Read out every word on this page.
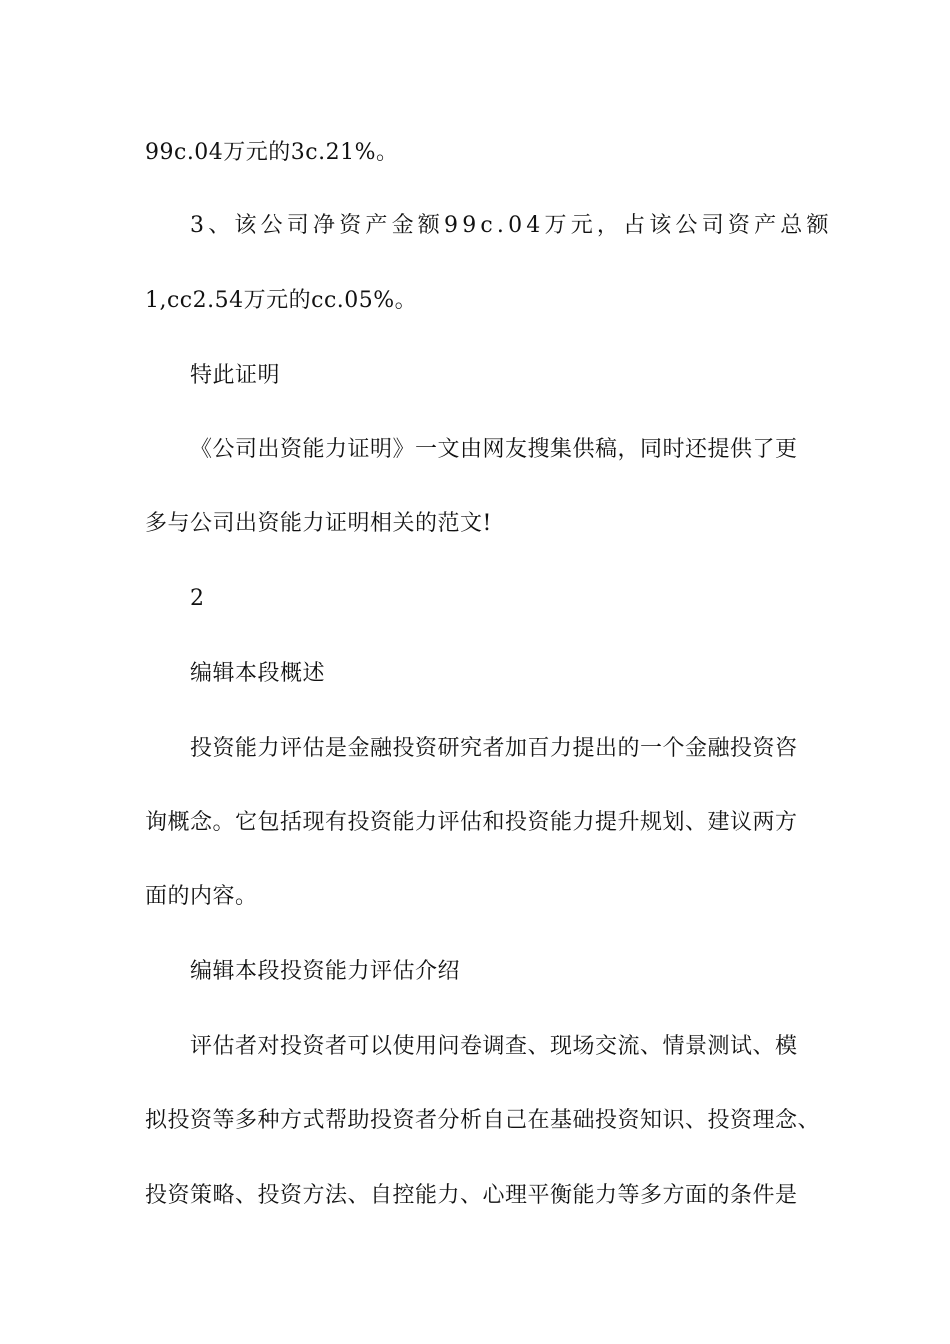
99c.04万元的3c.21%。
3、该公司净资产金额99c.04万元，占该公司资产总额
1,cc2.54万元的cc.05%。
特此证明
《公司出资能力证明》一文由网友搜集供稿，同时还提供了更
多与公司出资能力证明相关的范文!
2
编辑本段概述
投资能力评估是金融投资研究者加百力提出的一个金融投资咨
询概念。它包括现有投资能力评估和投资能力提升规划、建议两方
面的内容。
编辑本段投资能力评估介绍
评估者对投资者可以使用问卷调查、现场交流、情景测试、模
拟投资等多种方式帮助投资者分析自己在基础投资知识、投资理念、
投资策略、投资方法、自控能力、心理平衡能力等多方面的条件是
